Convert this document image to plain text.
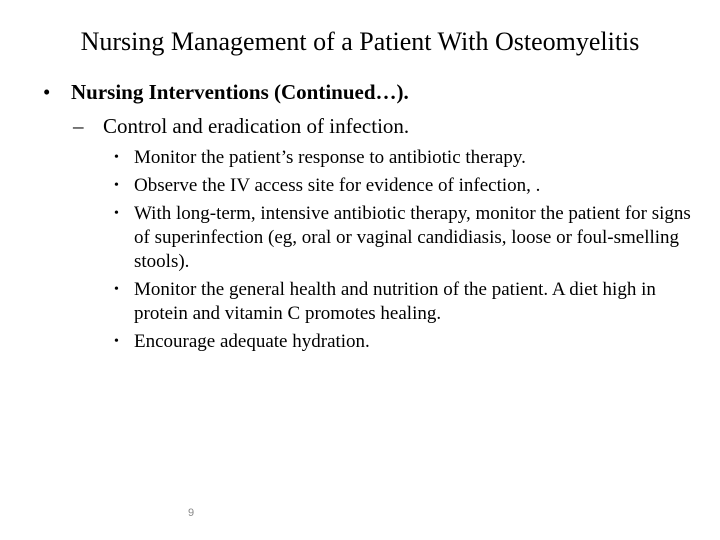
Nursing Management of a Patient With Osteomyelitis
• Nursing Interventions (Continued…).
– Control and eradication of infection.
• Monitor the patient’s response to antibiotic therapy.
• Observe the IV access site for evidence of infection, .
• With long-term, intensive antibiotic therapy, monitor the patient for signs of superinfection (eg, oral or vaginal candidiasis, loose or foul-smelling stools).
• Monitor the general health and nutrition of the patient. A diet high in protein and vitamin C promotes healing.
• Encourage adequate hydration.
9
